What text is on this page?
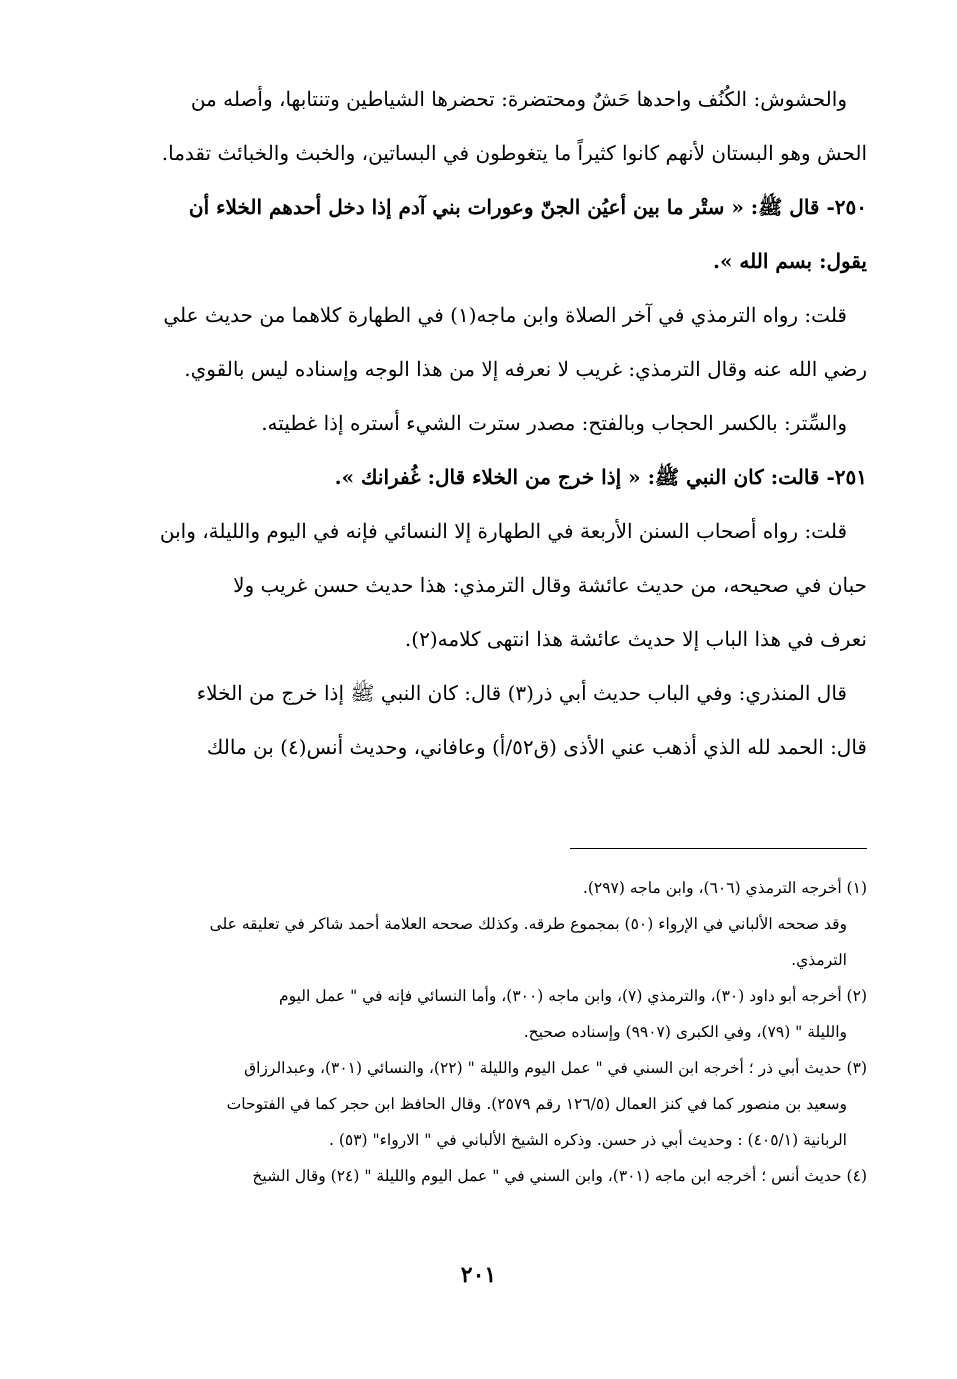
والحشوش: الكُنُف واحدها حَشٌ ومحتضرة: تحضرها الشياطين وتنتابها، وأصله من
الحش وهو البستان لأنهم كانوا كثيراً ما يتغوطون في البساتين، والخبث والخبائث تقدما.
٢٥٠- قال ﷺ: « ستْر ما بين أعيُن الجنّ وعورات بني آدم إذا دخل أحدهم الخلاء أن
يقول: بسم الله ».
قلت: رواه الترمذي في آخر الصلاة وابن ماجه(١) في الطهارة كلاهما من حديث علي
رضي الله عنه وقال الترمذي: غريب لا نعرفه إلا من هذا الوجه وإسناده ليس بالقوي.
والسِّتر: بالكسر الحجاب وبالفتح: مصدر سترت الشيء أستره إذا غطيته.
٢٥١- قالت: كان النبي ﷺ: « إذا خرج من الخلاء قال: غُفرانك ».
قلت: رواه أصحاب السنن الأربعة في الطهارة إلا النسائي فإنه في اليوم والليلة، وابن
حبان في صحيحه، من حديث عائشة وقال الترمذي: هذا حديث حسن غريب ولا
نعرف في هذا الباب إلا حديث عائشة هذا انتهى كلامه(٢).
قال المنذري: وفي الباب حديث أبي ذر(٣) قال: كان النبي ﷺ إذا خرج من الخلاء
قال: الحمد لله الذي أذهب عني الأذى (ق٥٢/أ) وعافاني، وحديث أنس(٤) بن مالك
(١) أخرجه الترمذي (٦٠٦)، وابن ماجه (٢٩٧).
وقد صححه الألباني في الإرواء (٥٠) بمجموع طرقه. وكذلك صححه العلامة أحمد شاكر في تعليقه على
الترمذي.
(٢) أخرجه أبو داود (٣٠)، والترمذي (٧)، وابن ماجه (٣٠٠)، وأما النسائي فإنه في " عمل اليوم
والليلة " (٧٩)، وفي الكبرى (٩٩٠٧) وإسناده صحيح.
(٣) حديث أبي ذر ؛ أخرجه ابن السني في " عمل اليوم والليلة " (٢٢)، والنسائي (٣٠١)، وعبدالرزاق
وسعيد بن منصور كما في كنز العمال (١٢٦/٥ رقم ٢٥٧٩). وقال الحافظ ابن حجر كما في الفتوحات
الربانية (٤٠٥/١) : وحديث أبي ذر حسن. وذكره الشيخ الألباني في " الارواء" (٥٣) .
(٤) حديث أنس ؛ أخرجه ابن ماجه (٣٠١)، وابن السني في " عمل اليوم والليلة " (٢٤) وقال الشيخ
٢٠١
